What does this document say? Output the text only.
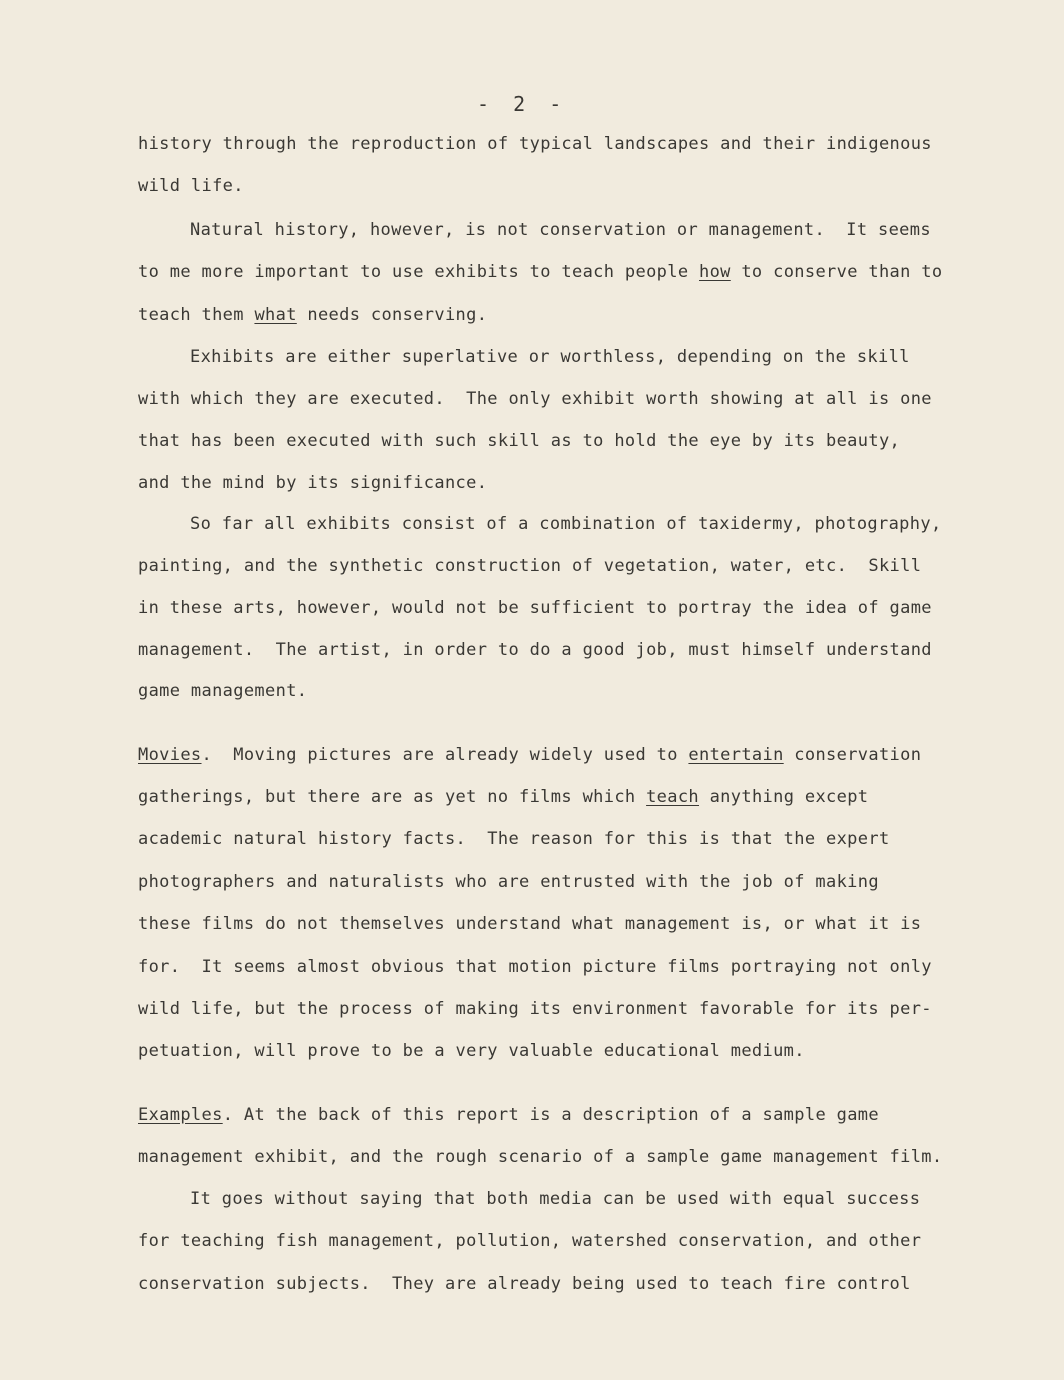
-  2  -
history through the reproduction of typical landscapes and their indigenous
wild life.
Natural history, however, is not conservation or management.  It seems
to me more important to use exhibits to teach people how to conserve than to
teach them what needs conserving.
Exhibits are either superlative or worthless, depending on the skill
with which they are executed.  The only exhibit worth showing at all is one
that has been executed with such skill as to hold the eye by its beauty,
and the mind by its significance.
So far all exhibits consist of a combination of taxidermy, photography,
painting, and the synthetic construction of vegetation, water, etc.  Skill
in these arts, however, would not be sufficient to portray the idea of game
management.  The artist, in order to do a good job, must himself understand
game management.
Movies.  Moving pictures are already widely used to entertain conservation
gatherings, but there are as yet no films which teach anything except
academic natural history facts.  The reason for this is that the expert
photographers and naturalists who are entrusted with the job of making
these films do not themselves understand what management is, or what it is
for.  It seems almost obvious that motion picture films portraying not only
wild life, but the process of making its environment favorable for its per-
petuation, will prove to be a very valuable educational medium.
Examples. At the back of this report is a description of a sample game
management exhibit, and the rough scenario of a sample game management film.
It goes without saying that both media can be used with equal success
for teaching fish management, pollution, watershed conservation, and other
conservation subjects.  They are already being used to teach fire control
